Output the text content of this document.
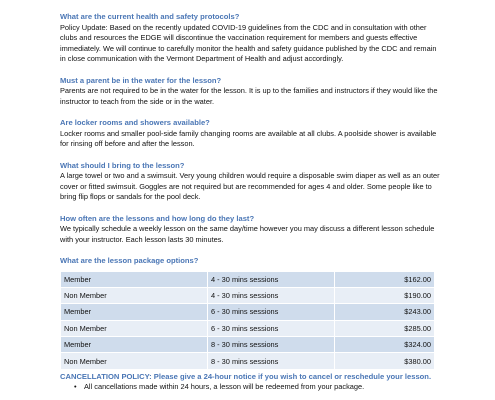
What are the current health and safety protocols?

Policy Update: Based on the recently updated COVID-19 guidelines from the CDC and in consultation with other clubs and resources the EDGE will discontinue the vaccination requirement for members and guests effective immediately. We will continue to carefully monitor the health and safety guidance published by the CDC and remain in close communication with the Vermont Department of Health and adjust accordingly.

Must a parent be in the water for the lesson?

Parents are not required to be in the water for the lesson. It is up to the families and instructors if they would like the instructor to teach from the side or in the water.

Are locker rooms and showers available?

Locker rooms and smaller pool-side family changing rooms are available at all clubs. A poolside shower is available for rinsing off before and after the lesson.

What should I bring to the lesson?

A large towel or two and a swimsuit. Very young children would require a disposable swim diaper as well as an outer cover or fitted swimsuit. Goggles are not required but are recommended for ages 4 and older. Some people like to bring flip flops or sandals for the pool deck.

How often are the lessons and how long do they last?

We typically schedule a weekly lesson on the same day/time however you may discuss a different lesson schedule with your instructor. Each lesson lasts 30 minutes.

What are the lesson package options?

Member	4 - 30 mins sessions	$162.00
Non Member	4 - 30 mins sessions	$190.00
Member	6 - 30 mins sessions	$243.00
Non Member	6 - 30 mins sessions	$285.00
Member	8 - 30 mins sessions	$324.00
Non Member	8 - 30 mins sessions	$380.00

CANCELLATION POLICY: Please give a 24-hour notice if you wish to cancel or reschedule your lesson.

• All cancellations made within 24 hours, a lesson will be redeemed from your package.
